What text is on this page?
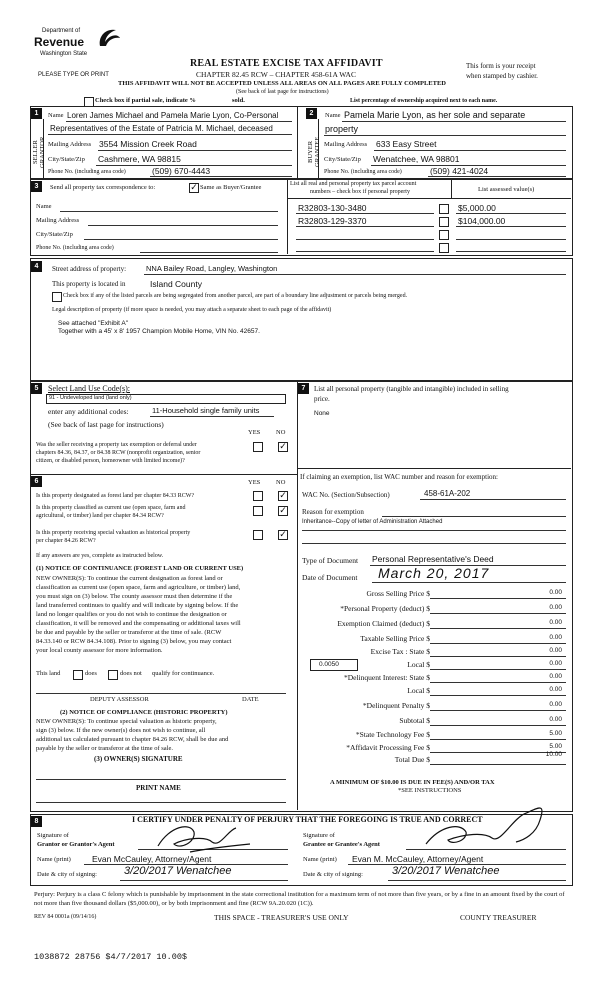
Department of
Revenue
Washington State
PLEASE TYPE OR PRINT
REAL ESTATE EXCISE TAX AFFIDAVIT
CHAPTER 82.45 RCW – CHAPTER 458-61A WAC
THIS AFFIDAVIT WILL NOT BE ACCEPTED UNLESS ALL AREAS ON ALL PAGES ARE FULLY COMPLETED
(See back of last page for instructions)
This form is your receipt
when stamped by cashier.
Check box if partial sale, indicate %	sold.	List percentage of ownership acquired next to each name.
1
SELLER GRANTOR
Name Loren James Michael and Pamela Marie Lyon, Co-Personal
Representatives of the Estate of Patricia M. Michael, deceased
Mailing Address 3554 Mission Creek Road
City/State/Zip Cashmere, WA 98815
Phone No. (including area code)	(509) 670-4443
2
BUYER GRANTEE
Name Pamela Marie Lyon, as her sole and separate
property
Mailing Address 633 Easy Street
City/State/Zip Wenatchee, WA 98801
Phone No. (including area code)	(509) 421-4024
3	Send all property tax correspondence to:	✓ Same as Buyer/Grantee
Name
Mailing Address
City/State/Zip
Phone No. (including area code)
List all real and personal property tax parcel account
numbers – check box if personal property	List assessed value(s)
R32803-130-3480	$5,000.00
R32803-129-3370	$104,000.00
4	Street address of property:	NNA Bailey Road, Langley, Washington
This property is located in	Island County
Check box if any of the listed parcels are being segregated from another parcel, are part of a boundary line adjustment or parcels being merged.
Legal description of property (if more space is needed, you may attach a separate sheet to each page of the affidavit)
See attached "Exhibit A"
Together with a 45' x 8' 1957 Champion Mobile Home, VIN No. 42657.
5	Select Land Use Code(s):
91 - Undeveloped land (land only)
enter any additional codes:	11-Household single family units
(See back of last page for instructions)
YES NO
Was the seller receiving a property tax exemption or deferral under
chapters 84.36, 84.37, or 84.38 RCW (nonprofit organization, senior
citizen, or disabled person, homeowner with limited income)?
✓
6	YES NO
Is this property designated as forest land per chapter 84.33 RCW?	✓
Is this property classified as current use (open space, farm and
agricultural, or timber) land per chapter 84.34 RCW?	✓
Is this property receiving special valuation as historical property
per chapter 84.26 RCW?
✓
If any answers are yes, complete as instructed below.
(1) NOTICE OF CONTINUANCE (FOREST LAND OR CURRENT USE)
NEW OWNER(S): To continue the current designation as forest land or
classification as current use (open space, farm and agriculture, or timber) land,
you must sign on (3) below. The county assessor must then determine if the
land transferred continues to qualify and will indicate by signing below. If the
land no longer qualifies or you do not wish to continue the designation or
classification, it will be removed and the compensating or additional taxes will
be due and payable by the seller or transferor at the time of sale. (RCW
84.33.140 or RCW 84.34.108). Prior to signing (3) below, you may contact
your local county assessor for more information.
This land	does	does not qualify for continuance.
DEPUTY ASSESSOR	DATE
(2) NOTICE OF COMPLIANCE (HISTORIC PROPERTY)
NEW OWNER(S): To continue special valuation as historic property,
sign (3) below. If the new owner(s) does not wish to continue, all
additional tax calculated pursuant to chapter 84.26 RCW, shall be due and
payable by the seller or transferor at the time of sale.
(3) OWNER(S) SIGNATURE
PRINT NAME
7	List all personal property (tangible and intangible) included in selling
price.
None
If claiming an exemption, list WAC number and reason for exemption:
WAC No. (Section/Subsection)	458-61A-202
Reason for exemption
Inheritance--Copy of letter of Administration Attached
Type of Document Personal Representative's Deed
Date of Document March 20, 2017
Gross Selling Price $	0.00
*Personal Property (deduct) $	0.00
Exemption Claimed (deduct) $	0.00
Taxable Selling Price $	0.00
Excise Tax : State $	0.00
0.0050	Local $	0.00
*Delinquent Interest: State $	0.00
Local $	0.00
*Delinquent Penalty $	0.00
Subtotal $	0.00
*State Technology Fee $	5.00
*Affidavit Processing Fee $	5.00
Total Due $
10.00
A MINIMUM OF $10.00 IS DUE IN FEE(S) AND/OR TAX
*SEE INSTRUCTIONS
8	I CERTIFY UNDER PENALTY OF PERJURY THAT THE FOREGOING IS TRUE AND CORRECT
Signature of
Grantor or Grantor's Agent
Name (print) Evan McCauley, Attorney/Agent
Date & city of signing: 3/20/2017 Wenatchee
Signature of
Grantee or Grantee's Agent
Name (print) Evan M. McCauley, Attorney/Agent
Date & city of signing:	3/20/2017 Wenatchee
Perjury: Perjury is a class C felony which is punishable by imprisonment in the state correctional institution for a maximum term of not more than five years, or by a fine in an amount fixed by the court of not more than five thousand dollars ($5,000.00), or by both imprisonment and fine (RCW 9A.20.020 (1C)).
REV 84 0001a (09/14/16)	THIS SPACE - TREASURER'S USE ONLY	COUNTY TREASURER
1038872 28756 $4/7/2017 10.00$
